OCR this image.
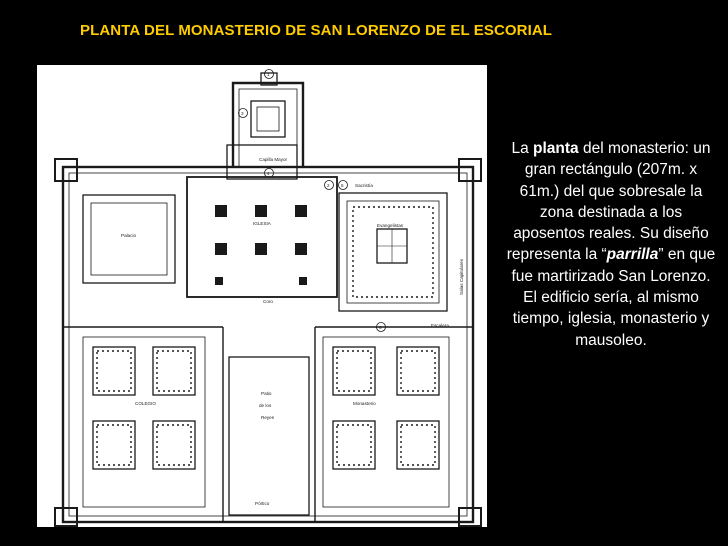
PLANTA DEL MONASTERIO DE SAN LORENZO DE EL ESCORIAL
1
3
2 5
6
4
Capilla Mayor
IGLESIA
Coro
Palacio
Evangelistas
Sacristía
Patio
de los
Reyes
COLEGIO	Monasterio
Escalera
Pórtico
Salas Capitulares
La planta del monasterio: un gran rectángulo (207m. x 61m.) del que sobresale la zona destinada a los aposentos reales. Su diseño representa la “parrilla” en que fue martirizado San Lorenzo.
El edificio sería, al mismo tiempo, iglesia, monasterio y mausoleo.
